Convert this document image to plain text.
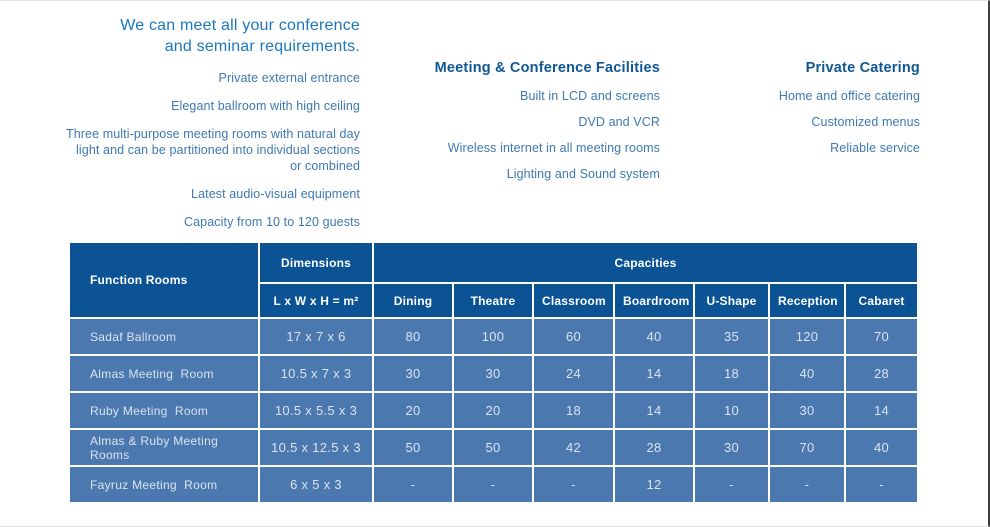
We can meet all your conference
and seminar requirements.
Private external entrance
Elegant ballroom with high ceiling
Three multi-purpose meeting rooms with natural day light and can be partitioned into individual sections or combined
Latest audio-visual equipment
Capacity from 10 to 120 guests
Meeting & Conference Facilities
Built in LCD and screens
DVD and VCR
Wireless internet in all meeting rooms
Lighting and Sound system
Private Catering
Home and office catering
Customized menus
Reliable service
Function Rooms	Dimensions	Capacities						
	L x W x H = m²	Dining	Theatre	Classroom	Boardroom	U-Shape	Reception	Cabaret
Sadaf Ballroom	17 x 7 x 6	80	100	60	40	35	120	70
Almas Meeting  Room	10.5 x 7 x 3	30	30	24	14	18	40	28
Ruby Meeting  Room	10.5 x 5.5 x 3	20	20	18	14	10	30	14
Almas & Ruby Meeting  Rooms	10.5 x 12.5 x 3	50	50	42	28	30	70	40
Fayruz Meeting  Room	6 x 5 x 3	-	-	-	12	-	-	-
